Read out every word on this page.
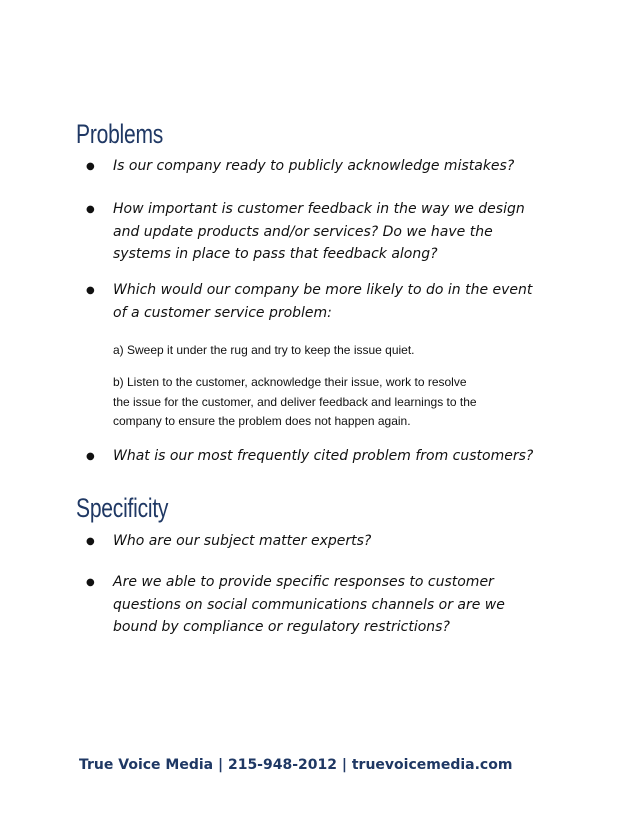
Problems
● Is our company ready to publicly acknowledge mistakes?
● How important is customer feedback in the way we design
and update products and/or services? Do we have the
systems in place to pass that feedback along?
● Which would our company be more likely to do in the event
of a customer service problem:
a) Sweep it under the rug and try to keep the issue quiet.
b) Listen to the customer, acknowledge their issue, work to resolve
the issue for the customer, and deliver feedback and learnings to the
company to ensure the problem does not happen again.
● What is our most frequently cited problem from customers?
Specificity
● Who are our subject matter experts?
● Are we able to provide specific responses to customer
questions on social communications channels or are we
bound by compliance or regulatory restrictions?
True Voice Media | 215-948-2012 | truevoicemedia.com
